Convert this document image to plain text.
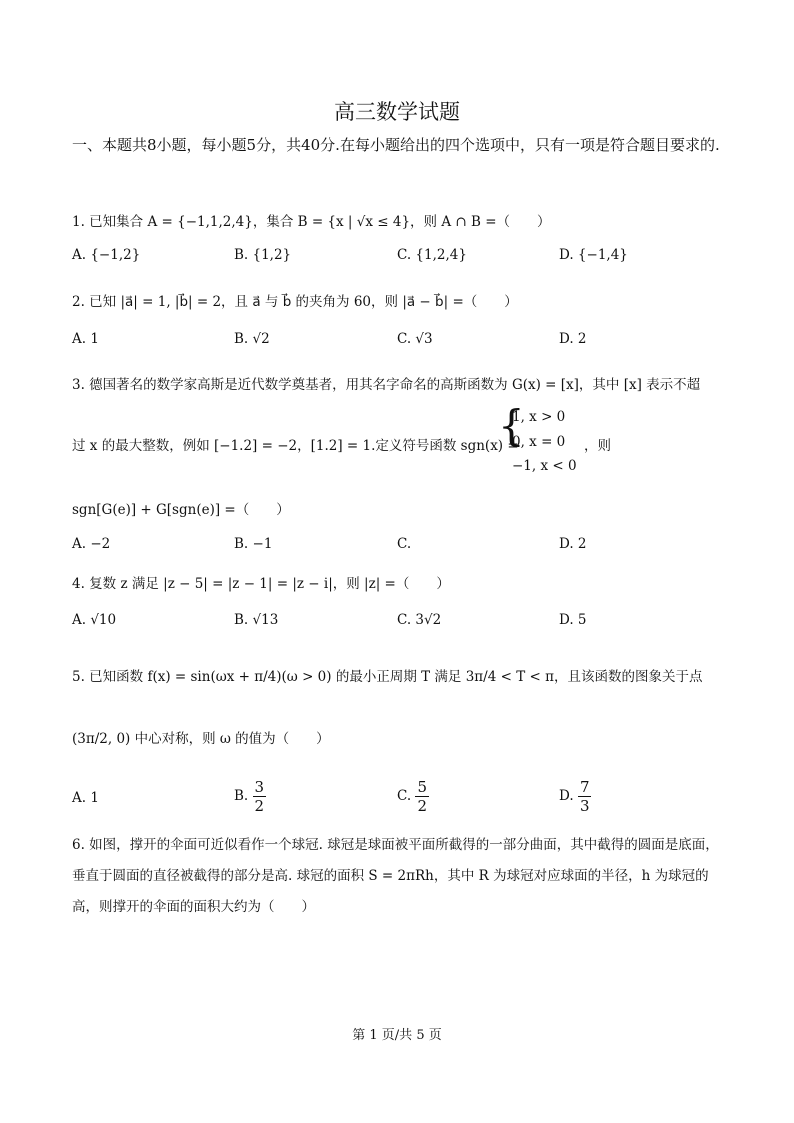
高三数学试题
一、本题共8小题，每小题5分，共40分.在每小题给出的四个选项中，只有一项是符合题目要求的.
1. 已知集合 A = {−1,1,2,4}，集合 B = {x | √x ≤ 4}，则 A ∩ B =（　　）
A. {−1,2}	B. {1,2}	C. {1,2,4}	D. {−1,4}
2. 已知 |a⃗| = 1, |b⃗| = 2，且 a⃗ 与 b⃗ 的夹角为 60，则 |a⃗ − b⃗| =（　　）
A. 1	B. √2	C. √3	D. 2
3. 德国著名的数学家高斯是近代数学奠基者，用其名字命名的高斯函数为 G(x) = [x]，其中 [x] 表示不超
过 x 的最大整数，例如 [−1.2] = −2，[1.2] = 1.定义符号函数 sgn(x) =
{
1, x > 0
0, x = 0
−1, x < 0
，则
sgn[G(e)] + G[sgn(e)] =（　　）
A. −2	B. −1	C.	D. 2
4. 复数 z 满足 |z − 5| = |z − 1| = |z − i|，则 |z| =（　　）
A. √10	B. √13	C. 3√2	D. 5
5. 已知函数 f(x) = sin(ωx + π/4)(ω > 0) 的最小正周期 T 满足 3π/4 < T < π，且该函数的图象关于点
(3π/2, 0) 中心对称，则 ω 的值为（　　）
A. 1	B. $\frac{3}{2}$	C. $\frac{5}{2}$	D. $\frac{7}{3}$
6. 如图，撑开的伞面可近似看作一个球冠. 球冠是球面被平面所截得的一部分曲面，其中截得的圆面是底面，垂直于圆面的直径被截得的部分是高. 球冠的面积 S = 2πRh，其中 R 为球冠对应球面的半径，h 为球冠的高，则撑开的伞面的面积大约为（　　）
第 1 页/共 5 页
